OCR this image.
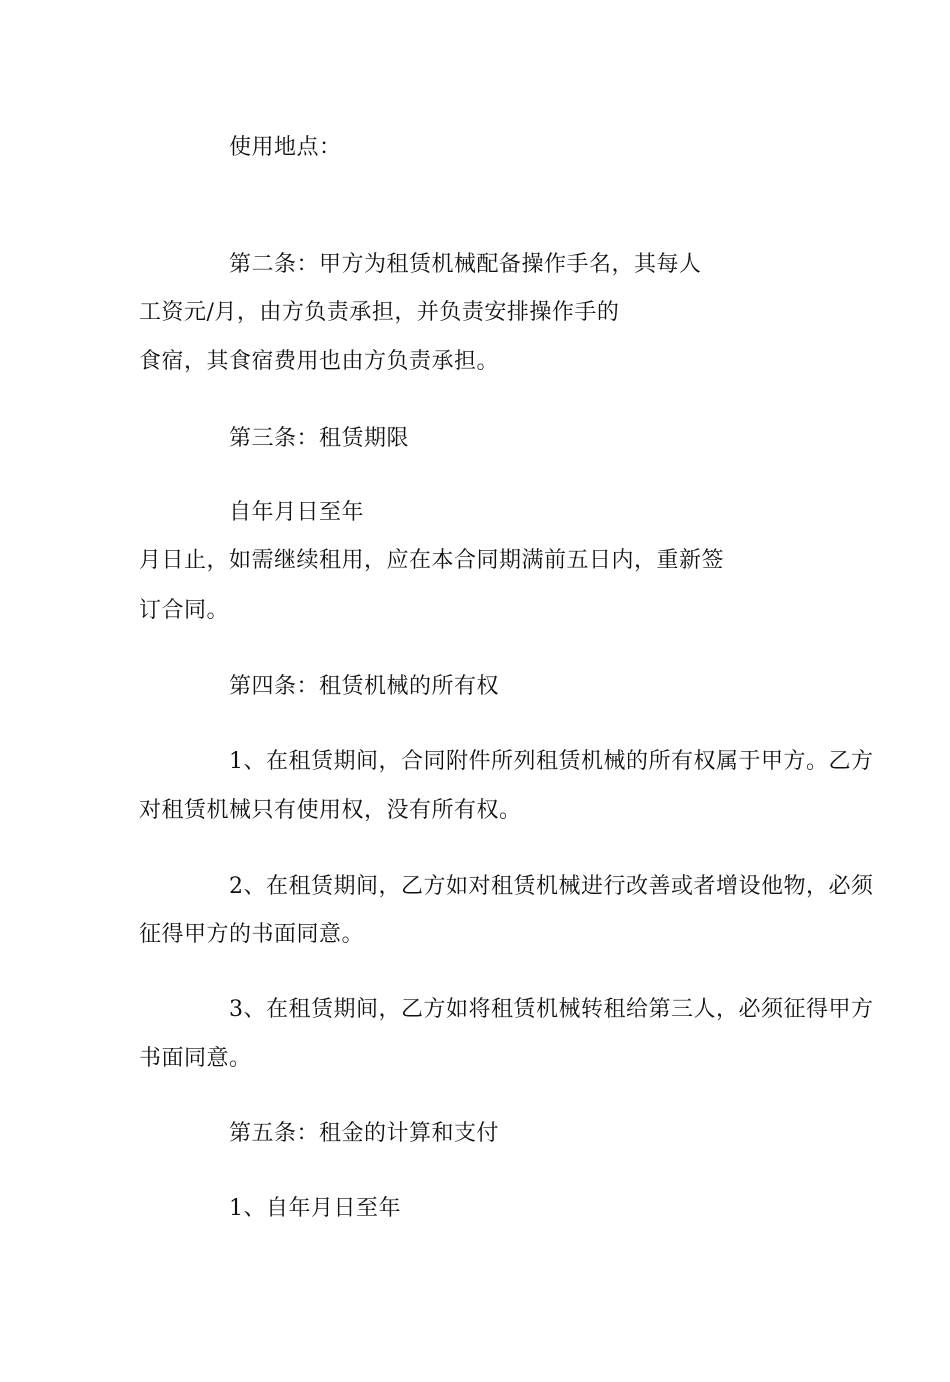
使用地点：
第二条：甲方为租赁机械配备操作手名，其每人
工资元/月，由方负责承担，并负责安排操作手的
食宿，其食宿费用也由方负责承担。
第三条：租赁期限
自年月日至年
月日止，如需继续租用，应在本合同期满前五日内，重新签
订合同。
第四条：租赁机械的所有权
1、在租赁期间，合同附件所列租赁机械的所有权属于甲方。乙方
对租赁机械只有使用权，没有所有权。
2、在租赁期间，乙方如对租赁机械进行改善或者增设他物，必须
征得甲方的书面同意。
3、在租赁期间，乙方如将租赁机械转租给第三人，必须征得甲方
书面同意。
第五条：租金的计算和支付
1、自年月日至年
